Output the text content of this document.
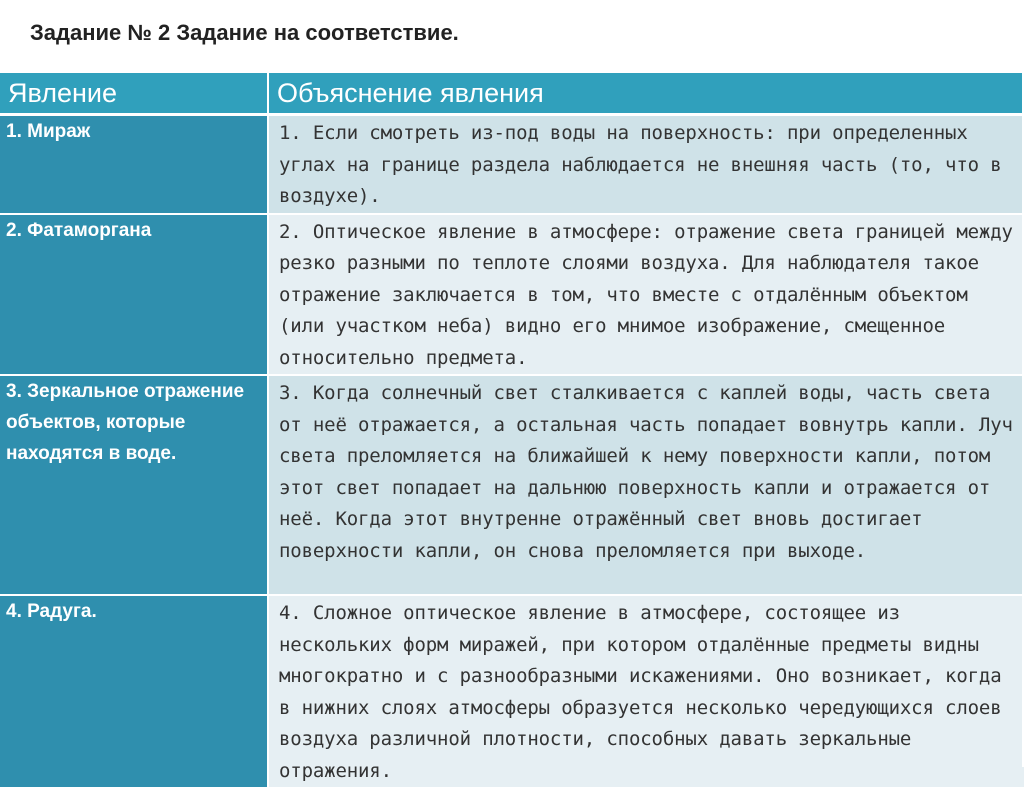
Задание № 2 Задание на соответствие.
Явление	Объяснение явления
1. Мираж	1. Если смотреть из-под воды на поверхность: при определенных углах на границе раздела наблюдается не внешняя часть (то, что в воздухе).
2. Фатаморгана	2. Оптическое явление в атмосфере: отражение света границей между резко разными по теплоте слоями воздуха. Для наблюдателя такое отражение заключается в том, что вместе с отдалённым объектом (или участком неба) видно его мнимое изображение, смещенное относительно предмета.
3. Зеркальное отражение объектов, которые находятся в воде.	3. Когда солнечный свет сталкивается с каплей воды, часть света от неё отражается, а остальная часть попадает вовнутрь капли. Луч света преломляется на ближайшей к нему поверхности капли, потом этот свет попадает на дальнюю поверхность капли и отражается от неё. Когда этот внутренне отражённый свет вновь достигает поверхности капли, он снова преломляется при выходе.
4. Радуга.	4. Сложное оптическое явление в атмосфере, состоящее из нескольких форм миражей, при котором отдалённые предметы видны многократно и с разнообразными искажениями. Оно возникает, когда в нижних слоях атмосферы образуется несколько чередующихся слоев воздуха различной плотности, способных давать зеркальные отражения.
